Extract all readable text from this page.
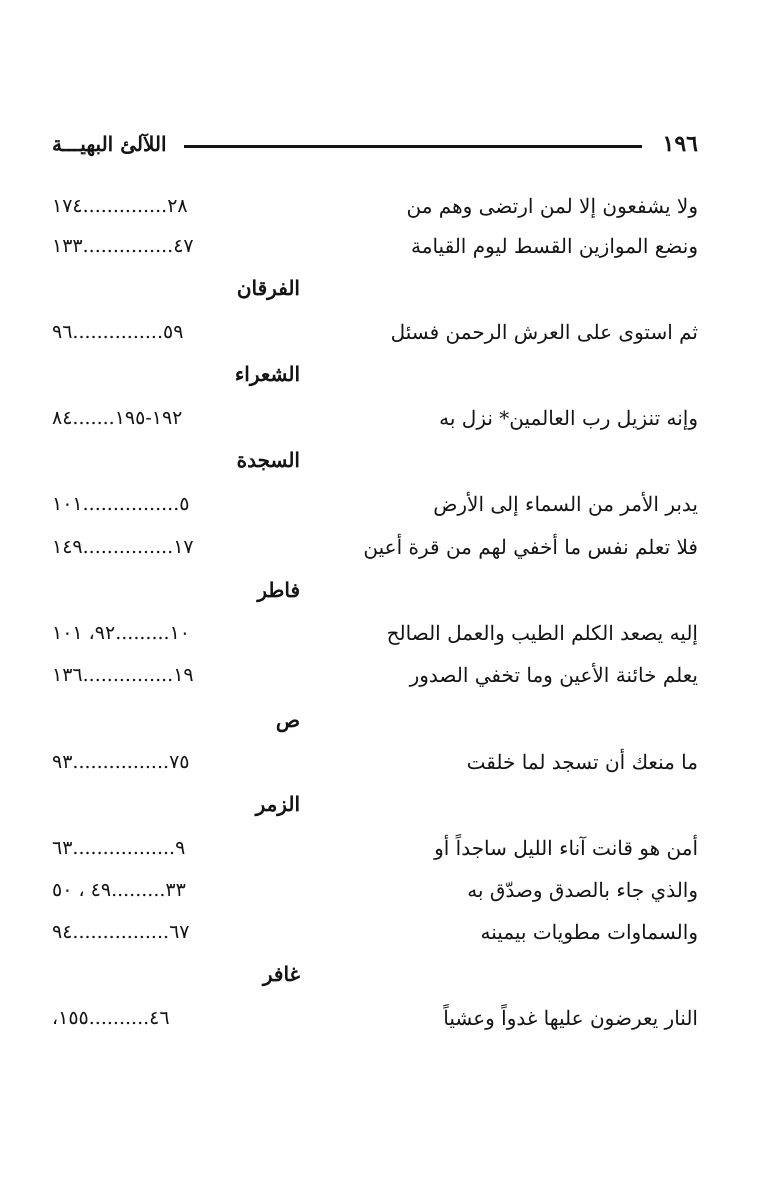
١٩٦
اللآلئ البهيـــة
ولا يشفعون إلا لمن ارتضى وهم من
٢٨..............١٧٤
ونضع الموازين القسط ليوم القيامة
٤٧...............١٣٣
الفرقان
ثم استوى على العرش الرحمن فسئل
٥٩...............٩٦
الشعراء
وإنه تنزيل رب العالمين* نزل به
١٩٢-١٩٥.......٨٤
السجدة
يدبر الأمر من السماء إلى الأرض
٥................١٠١
فلا تعلم نفس ما أخفي لهم من قرة أعين
١٧...............١٤٩
فاطر
إليه يصعد الكلم الطيب والعمل الصالح
١٠.........٩٢، ١٠١
يعلم خائنة الأعين وما تخفي الصدور
١٩...............١٣٦
ص
ما منعك أن تسجد لما خلقت
٧٥................٩٣
الزمر
أمن هو قانت آناء الليل ساجداً أو
٩.................٦٣
والذي جاء بالصدق وصدّق به
٣٣.........٤٩ ، ٥٠
والسماوات مطويات بيمينه
٦٧................٩٤
غافر
النار يعرضون عليها غدواً وعشياً
٤٦..........١٥٥،
